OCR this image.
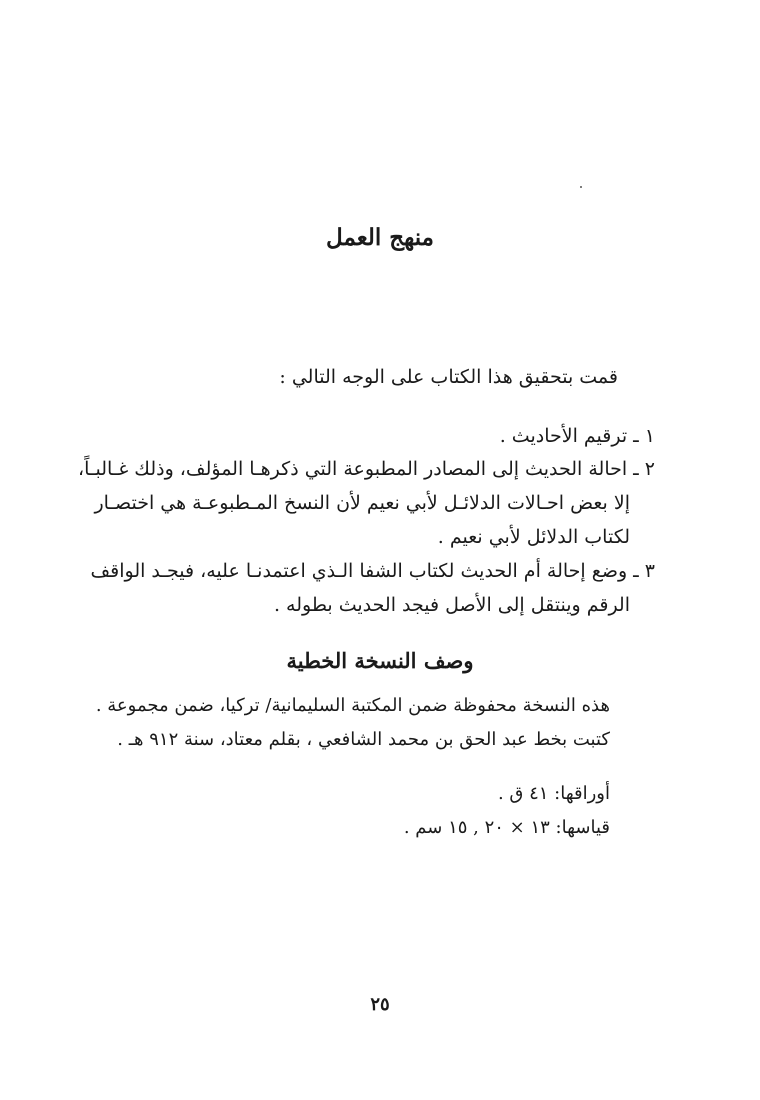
منهج العمل
قمت بتحقيق هذا الكتاب على الوجه التالي :
١ ـ ترقيم الأحاديث .
٢ ـ احالة الحديث إلى المصادر المطبوعة التي ذكرهـا المؤلف، وذلك غـالبـاً،
إلا بعض احـالات الدلائـل لأبي نعيم لأن النسخ المـطبوعـة هي اختصـار
لكتاب الدلائل لأبي نعيم .
٣ ـ وضع إحالة أم الحديث لكتاب الشفا الـذي اعتمدنـا عليه، فيجـد الواقف
الرقم وينتقل إلى الأصل فيجد الحديث بطوله .
وصف النسخة الخطية
هذه النسخة محفوظة ضمن المكتبة السليمانية/ تركيا، ضمن مجموعة .
كتبت بخط عبد الحق بن محمد الشافعي ، بقلم معتاد، سنة ٩١٢ هـ .
أوراقها: ٤١ ق .
قياسها: ١٣ × ٢٠ , ١٥ سم .
٢٥
